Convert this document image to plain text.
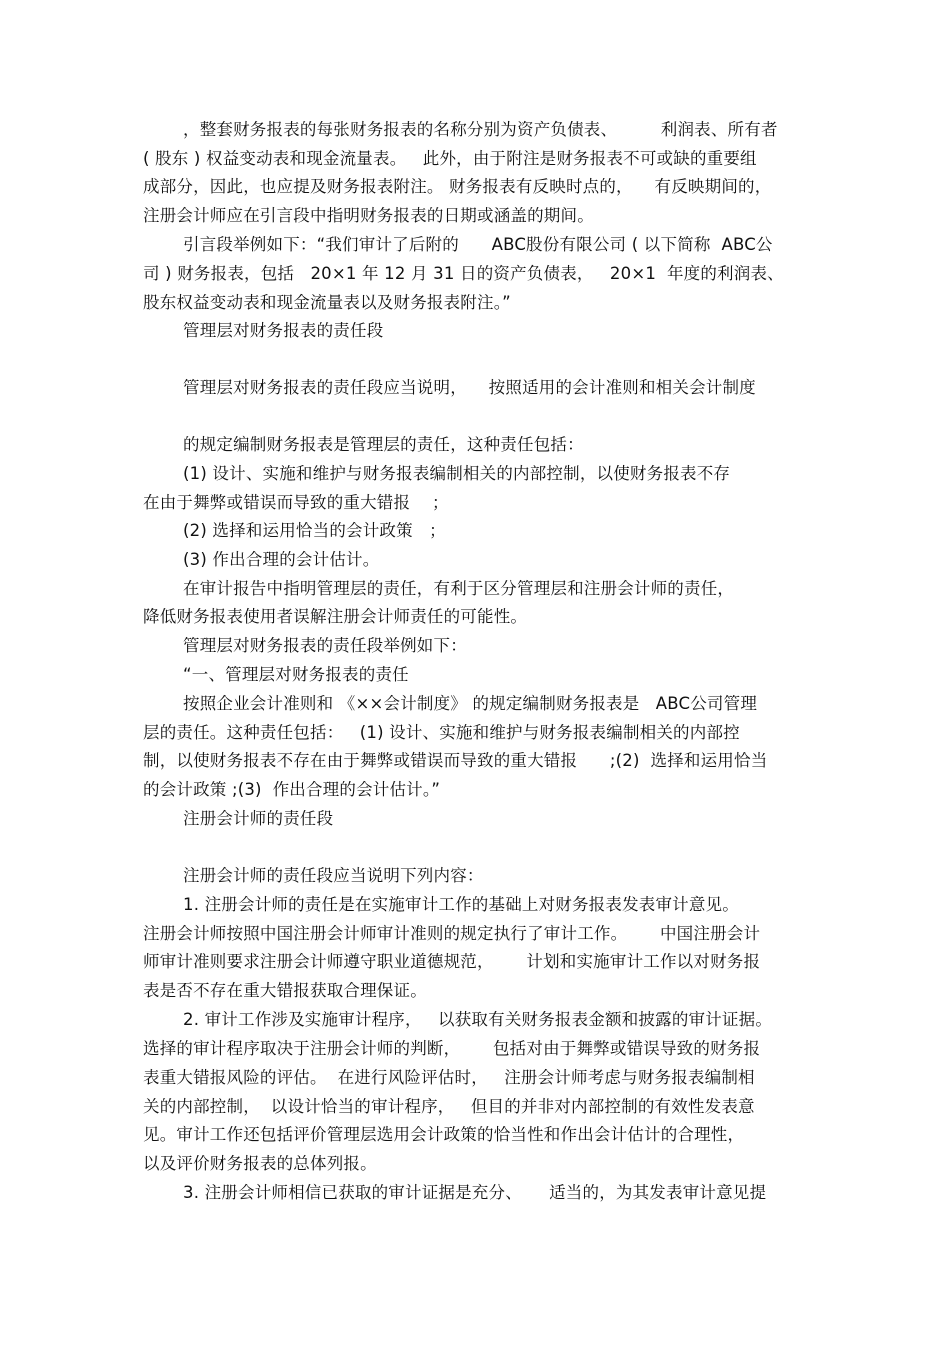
，整套财务报表的每张财务报表的名称分别为资产负债表、        利润表、所有者
( 股东 ) 权益变动表和现金流量表。   此外，由于附注是财务报表不可或缺的重要组
成部分，因此，也应提及财务报表附注。 财务报表有反映时点的，    有反映期间的，
注册会计师应在引言段中指明财务报表的日期或涵盖的期间。
引言段举例如下：“我们审计了后附的      ABC股份有限公司 ( 以下简称  ABC公
司 ) 财务报表，包括   20×1 年 12 月 31 日的资产负债表，   20×1  年度的利润表、
股东权益变动表和现金流量表以及财务报表附注。”
管理层对财务报表的责任段
管理层对财务报表的责任段应当说明，    按照适用的会计准则和相关会计制度
的规定编制财务报表是管理层的责任，这种责任包括：
(1) 设计、实施和维护与财务报表编制相关的内部控制，以使财务报表不存
在由于舞弊或错误而导致的重大错报    ；
(2) 选择和运用恰当的会计政策   ；
(3) 作出合理的会计估计。
在审计报告中指明管理层的责任，有利于区分管理层和注册会计师的责任，
降低财务报表使用者误解注册会计师责任的可能性。
管理层对财务报表的责任段举例如下：
“一、管理层对财务报表的责任
按照企业会计准则和 《××会计制度》 的规定编制财务报表是   ABC公司管理
层的责任。这种责任包括：   (1) 设计、实施和维护与财务报表编制相关的内部控
制，以使财务报表不存在由于舞弊或错误而导致的重大错报      ;(2)  选择和运用恰当
的会计政策 ;(3)  作出合理的会计估计。”
注册会计师的责任段
注册会计师的责任段应当说明下列内容：
1. 注册会计师的责任是在实施审计工作的基础上对财务报表发表审计意见。
注册会计师按照中国注册会计师审计准则的规定执行了审计工作。      中国注册会计
师审计准则要求注册会计师遵守职业道德规范，      计划和实施审计工作以对财务报
表是否不存在重大错报获取合理保证。
2. 审计工作涉及实施审计程序，   以获取有关财务报表金额和披露的审计证据。
选择的审计程序取决于注册会计师的判断，      包括对由于舞弊或错误导致的财务报
表重大错报风险的评估。  在进行风险评估时，   注册会计师考虑与财务报表编制相
关的内部控制，  以设计恰当的审计程序，   但目的并非对内部控制的有效性发表意
见。审计工作还包括评价管理层选用会计政策的恰当性和作出会计估计的合理性，
以及评价财务报表的总体列报。
3. 注册会计师相信已获取的审计证据是充分、     适当的，为其发表审计意见提
